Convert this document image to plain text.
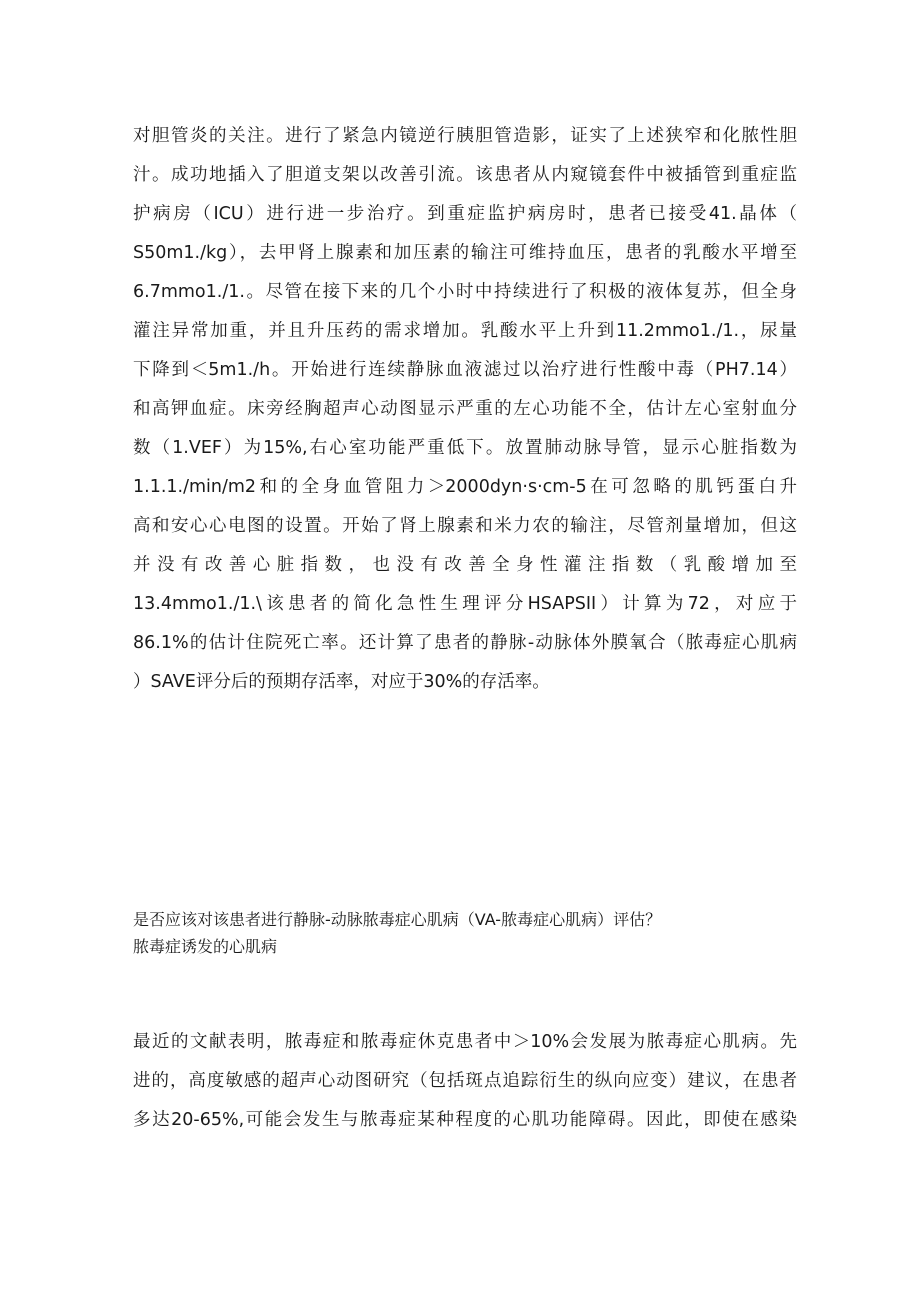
对胆管炎的关注。进行了紧急内镜逆行胰胆管造影，证实了上述狭窄和化脓性胆
汁。成功地插入了胆道支架以改善引流。该患者从内窥镜套件中被插管到重症监
护病房（ICU）进行进一步治疗。到重症监护病房时，患者已接受41.晶体（
S50m1./kg），去甲肾上腺素和加压素的输注可维持血压，患者的乳酸水平增至
6.7mmo1./1.。尽管在接下来的几个小时中持续进行了积极的液体复苏，但全身
灌注异常加重，并且升压药的需求增加。乳酸水平上升到11.2mmo1./1.，尿量
下降到＜5m1./h。开始进行连续静脉血液滤过以治疗进行性酸中毒（PH7.14）
和高钾血症。床旁经胸超声心动图显示严重的左心功能不全，估计左心室射血分
数（1.VEF）为15%,右心室功能严重低下。放置肺动脉导管，显示心脏指数为
1.1.1./min/m2和的全身血管阻力＞2000dyn·s·cm-5在可忽略的肌钙蛋白升
高和安心心电图的设置。开始了肾上腺素和米力农的输注，尽管剂量增加，但这
并没有改善心脏指数，也没有改善全身性灌注指数（乳酸增加至
13.4mmo1./1.\该患者的简化急性生理评分HSAPSII）计算为72，对应于
86.1%的估计住院死亡率。还计算了患者的静脉-动脉体外膜氧合（脓毒症心肌病
）SAVE评分后的预期存活率，对应于30%的存活率。
是否应该对该患者进行静脉-动脉脓毒症心肌病（VA-脓毒症心肌病）评估？
脓毒症诱发的心肌病
最近的文献表明，脓毒症和脓毒症休克患者中＞10%会发展为脓毒症心肌病。先
进的，高度敏感的超声心动图研究（包括斑点追踪衍生的纵向应变）建议，在患者
多达20-65%,可能会发生与脓毒症某种程度的心肌功能障碍。因此，即使在感染
